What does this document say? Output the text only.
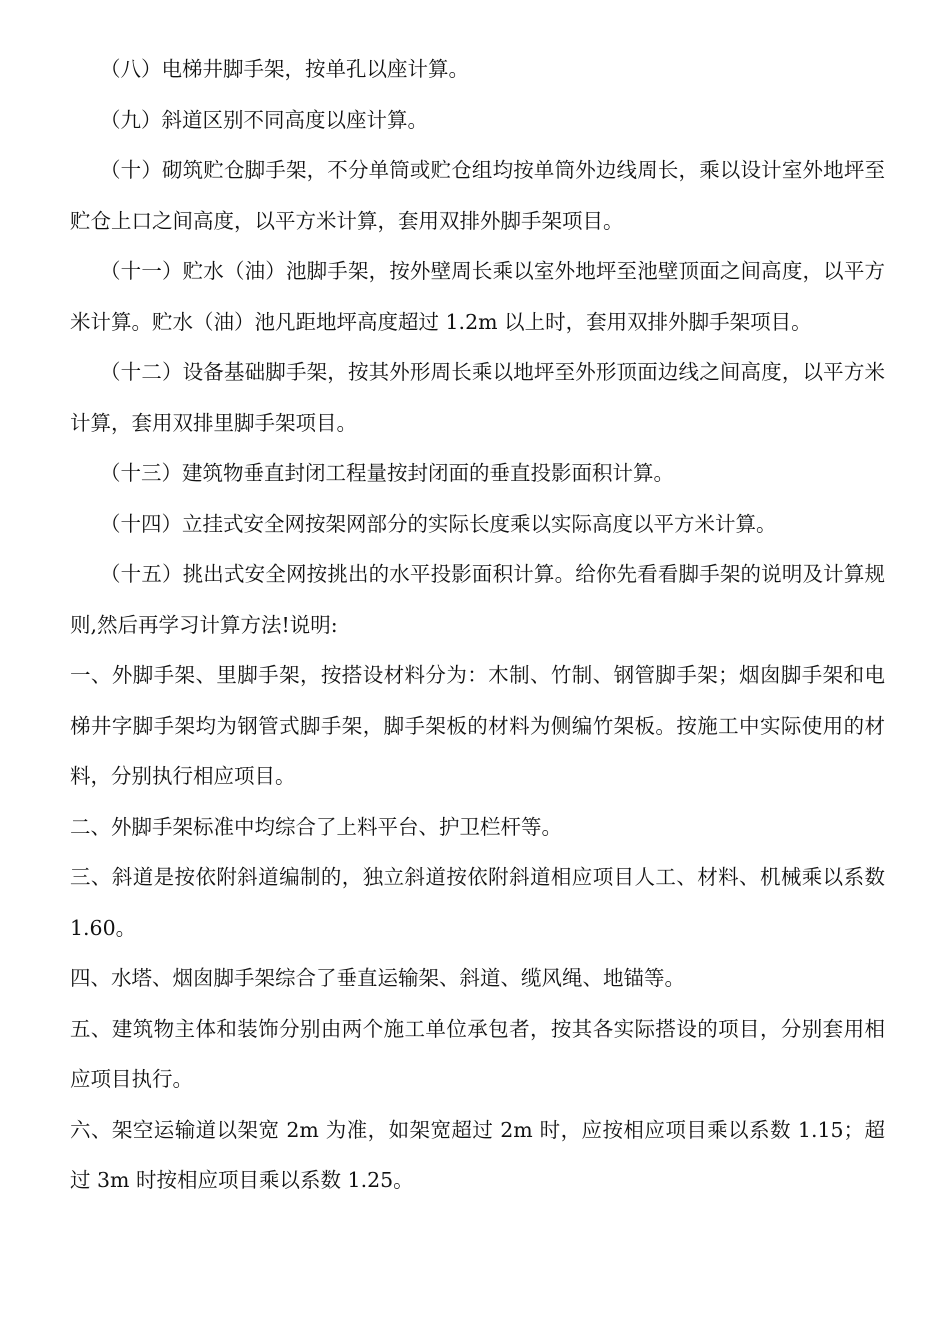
（八）电梯井脚手架，按单孔以座计算。

（九）斜道区别不同高度以座计算。

（十）砌筑贮仓脚手架，不分单筒或贮仓组均按单筒外边线周长，乘以设计室外地坪至贮仓上口之间高度，以平方米计算，套用双排外脚手架项目。

（十一）贮水（油）池脚手架，按外壁周长乘以室外地坪至池壁顶面之间高度，以平方米计算。贮水（油）池凡距地坪高度超过 1.2m 以上时，套用双排外脚手架项目。

（十二）设备基础脚手架，按其外形周长乘以地坪至外形顶面边线之间高度，以平方米计算，套用双排里脚手架项目。

（十三）建筑物垂直封闭工程量按封闭面的垂直投影面积计算。

（十四）立挂式安全网按架网部分的实际长度乘以实际高度以平方米计算。

（十五）挑出式安全网按挑出的水平投影面积计算。给你先看看脚手架的说明及计算规则,然后再学习计算方法!说明:

一、外脚手架、里脚手架，按搭设材料分为：木制、竹制、钢管脚手架；烟囱脚手架和电梯井字脚手架均为钢管式脚手架，脚手架板的材料为侧编竹架板。按施工中实际使用的材料，分别执行相应项目。

二、外脚手架标准中均综合了上料平台、护卫栏杆等。

三、斜道是按依附斜道编制的，独立斜道按依附斜道相应项目人工、材料、机械乘以系数 1.60。

四、水塔、烟囱脚手架综合了垂直运输架、斜道、缆风绳、地锚等。

五、建筑物主体和装饰分别由两个施工单位承包者，按其各实际搭设的项目，分别套用相应项目执行。

六、架空运输道以架宽 2m 为准，如架宽超过 2m 时，应按相应项目乘以系数 1.15；超过 3m 时按相应项目乘以系数 1.25。
